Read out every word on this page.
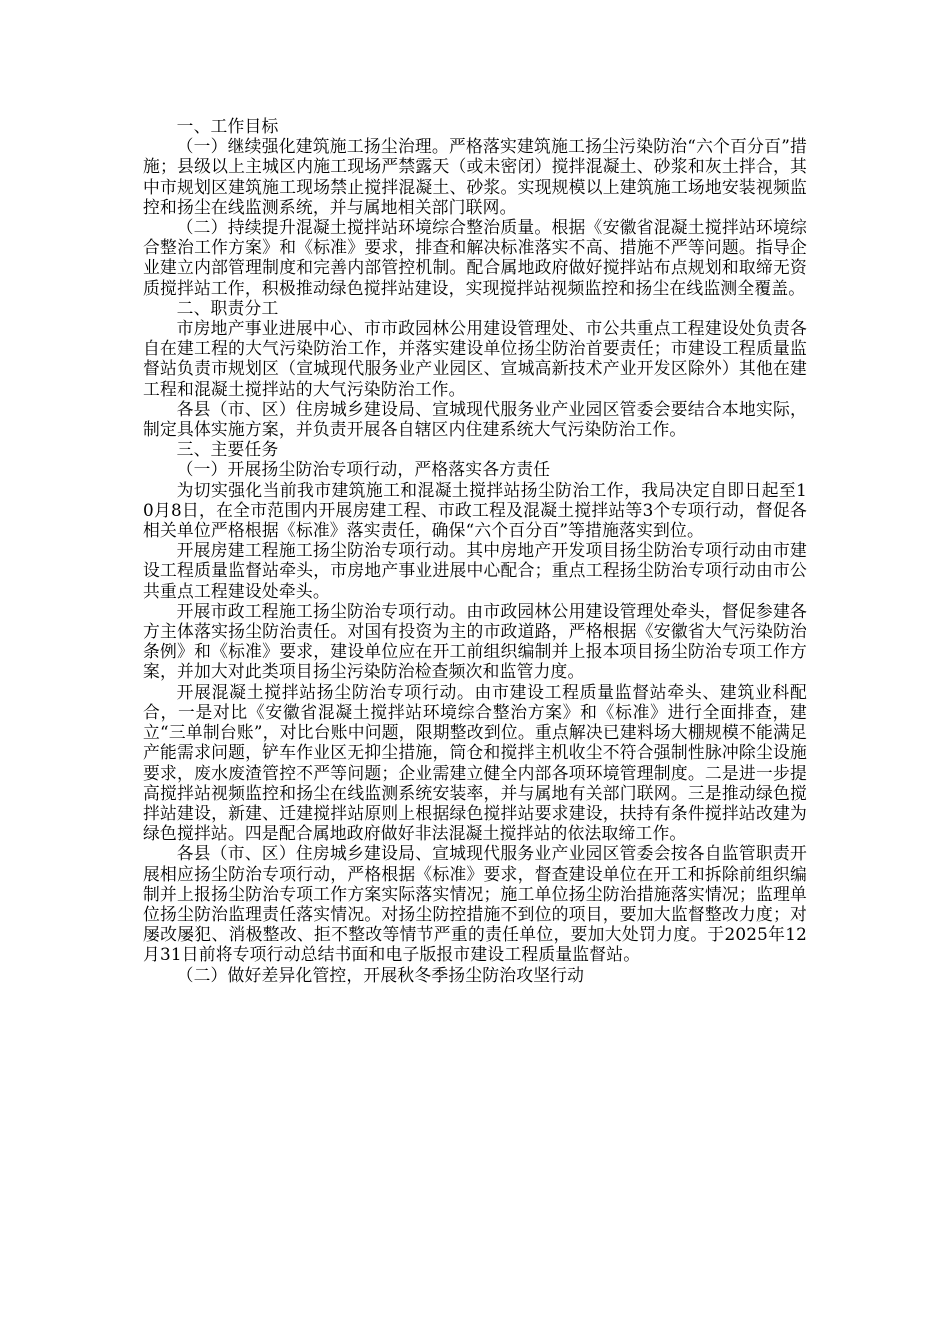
一、工作目标

（一）继续强化建筑施工扬尘治理。严格落实建筑施工扬尘污染防治“六个百分百”措施；县级以上主城区内施工现场严禁露天（或未密闭）搅拌混凝土、砂浆和灰土拌合，其中市规划区建筑施工现场禁止搅拌混凝土、砂浆。实现规模以上建筑施工场地安装视频监控和扬尘在线监测系统，并与属地相关部门联网。

（二）持续提升混凝土搅拌站环境综合整治质量。根据《安徽省混凝土搅拌站环境综合整治工作方案》和《标准》要求，排查和解决标准落实不高、措施不严等问题。指导企业建立内部管理制度和完善内部管控机制。配合属地政府做好搅拌站布点规划和取缔无资质搅拌站工作，积极推动绿色搅拌站建设，实现搅拌站视频监控和扬尘在线监测全覆盖。

二、职责分工

市房地产事业进展中心、市市政园林公用建设管理处、市公共重点工程建设处负责各自在建工程的大气污染防治工作，并落实建设单位扬尘防治首要责任；市建设工程质量监督站负责市规划区（宣城现代服务业产业园区、宣城高新技术产业开发区除外）其他在建工程和混凝土搅拌站的大气污染防治工作。

各县（市、区）住房城乡建设局、宣城现代服务业产业园区管委会要结合本地实际，制定具体实施方案，并负责开展各自辖区内住建系统大气污染防治工作。

三、主要任务

（一）开展扬尘防治专项行动，严格落实各方责任

为切实强化当前我市建筑施工和混凝土搅拌站扬尘防治工作，我局决定自即日起至10月8日，在全市范围内开展房建工程、市政工程及混凝土搅拌站等3个专项行动，督促各相关单位严格根据《标准》落实责任，确保“六个百分百”等措施落实到位。

开展房建工程施工扬尘防治专项行动。其中房地产开发项目扬尘防治专项行动由市建设工程质量监督站牵头，市房地产事业进展中心配合；重点工程扬尘防治专项行动由市公共重点工程建设处牵头。

开展市政工程施工扬尘防治专项行动。由市政园林公用建设管理处牵头，督促参建各方主体落实扬尘防治责任。对国有投资为主的市政道路，严格根据《安徽省大气污染防治条例》和《标准》要求，建设单位应在开工前组织编制并上报本项目扬尘防治专项工作方案，并加大对此类项目扬尘污染防治检查频次和监管力度。

开展混凝土搅拌站扬尘防治专项行动。由市建设工程质量监督站牵头、建筑业科配合，一是对比《安徽省混凝土搅拌站环境综合整治方案》和《标准》进行全面排查，建立“三单制台账”，对比台账中问题，限期整改到位。重点解决已建料场大棚规模不能满足产能需求问题，铲车作业区无抑尘措施，筒仓和搅拌主机收尘不符合强制性脉冲除尘设施要求，废水废渣管控不严等问题；企业需建立健全内部各项环境管理制度。二是进一步提高搅拌站视频监控和扬尘在线监测系统安装率，并与属地有关部门联网。三是推动绿色搅拌站建设，新建、迁建搅拌站原则上根据绿色搅拌站要求建设，扶持有条件搅拌站改建为绿色搅拌站。四是配合属地政府做好非法混凝土搅拌站的依法取缔工作。

各县（市、区）住房城乡建设局、宣城现代服务业产业园区管委会按各自监管职责开展相应扬尘防治专项行动，严格根据《标准》要求，督查建设单位在开工和拆除前组织编制并上报扬尘防治专项工作方案实际落实情况；施工单位扬尘防治措施落实情况；监理单位扬尘防治监理责任落实情况。对扬尘防控措施不到位的项目，要加大监督整改力度；对屡改屡犯、消极整改、拒不整改等情节严重的责任单位，要加大处罚力度。于2025年12月31日前将专项行动总结书面和电子版报市建设工程质量监督站。

（二）做好差异化管控，开展秋冬季扬尘防治攻坚行动
